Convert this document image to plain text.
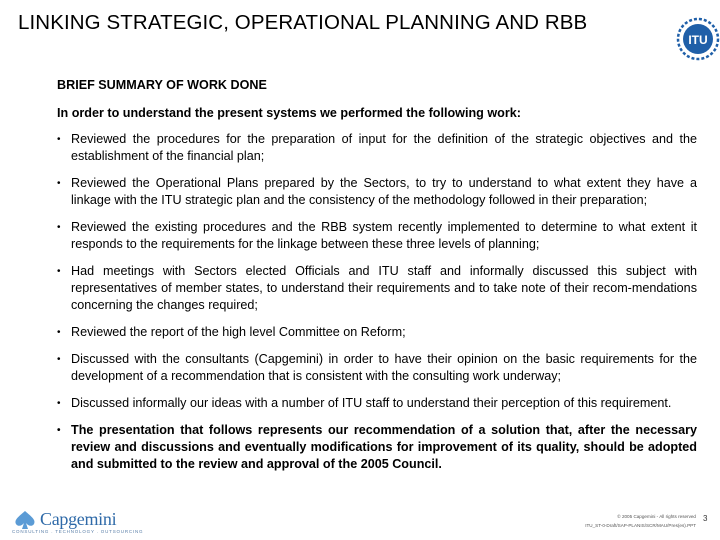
LINKING STRATEGIC, OPERATIONAL PLANNING AND RBB
ITU
BRIEF SUMMARY OF WORK DONE
In order to understand the present systems we performed the following work:
• Reviewed the procedures for the preparation of input for the definition of the strategic objectives and the establishment of the financial plan;
• Reviewed the Operational Plans prepared by the Sectors, to try to understand to what extent they have a linkage with the ITU strategic plan and the consistency of the methodology followed in their preparation;
• Reviewed the existing procedures and the RBB system recently implemented to determine to what extent it responds to the requirements for the linkage between these three levels of planning;
• Had meetings with Sectors elected Officials and ITU staff and informally discussed this subject with representatives of member states, to understand their requirements and to take note of their recom-mendations concerning the changes required;
• Reviewed the report of the high level Committee on Reform;
• Discussed with the consultants (Capgemini) in order to have their opinion on the basic requirements for the development of a recommendation that is consistent with the consulting work underway;
• Discussed informally our ideas with a number of ITU staff to understand their perception of this requirement.
• The presentation that follows represents our recommendation of a solution that, after the necessary review and discussions and eventually modifications for improvement of its quality, should be adopted and submitted to the review and approval of the 2005 Council.
Capgemini
CONSULTING . TECHNOLOGY . OUTSOURCING
© 2005 Capgemini - All rights reserved
ITU_ST-0-Draft/SAP-PLANIS/SCR/MAU/Pres(es).PPT
3
